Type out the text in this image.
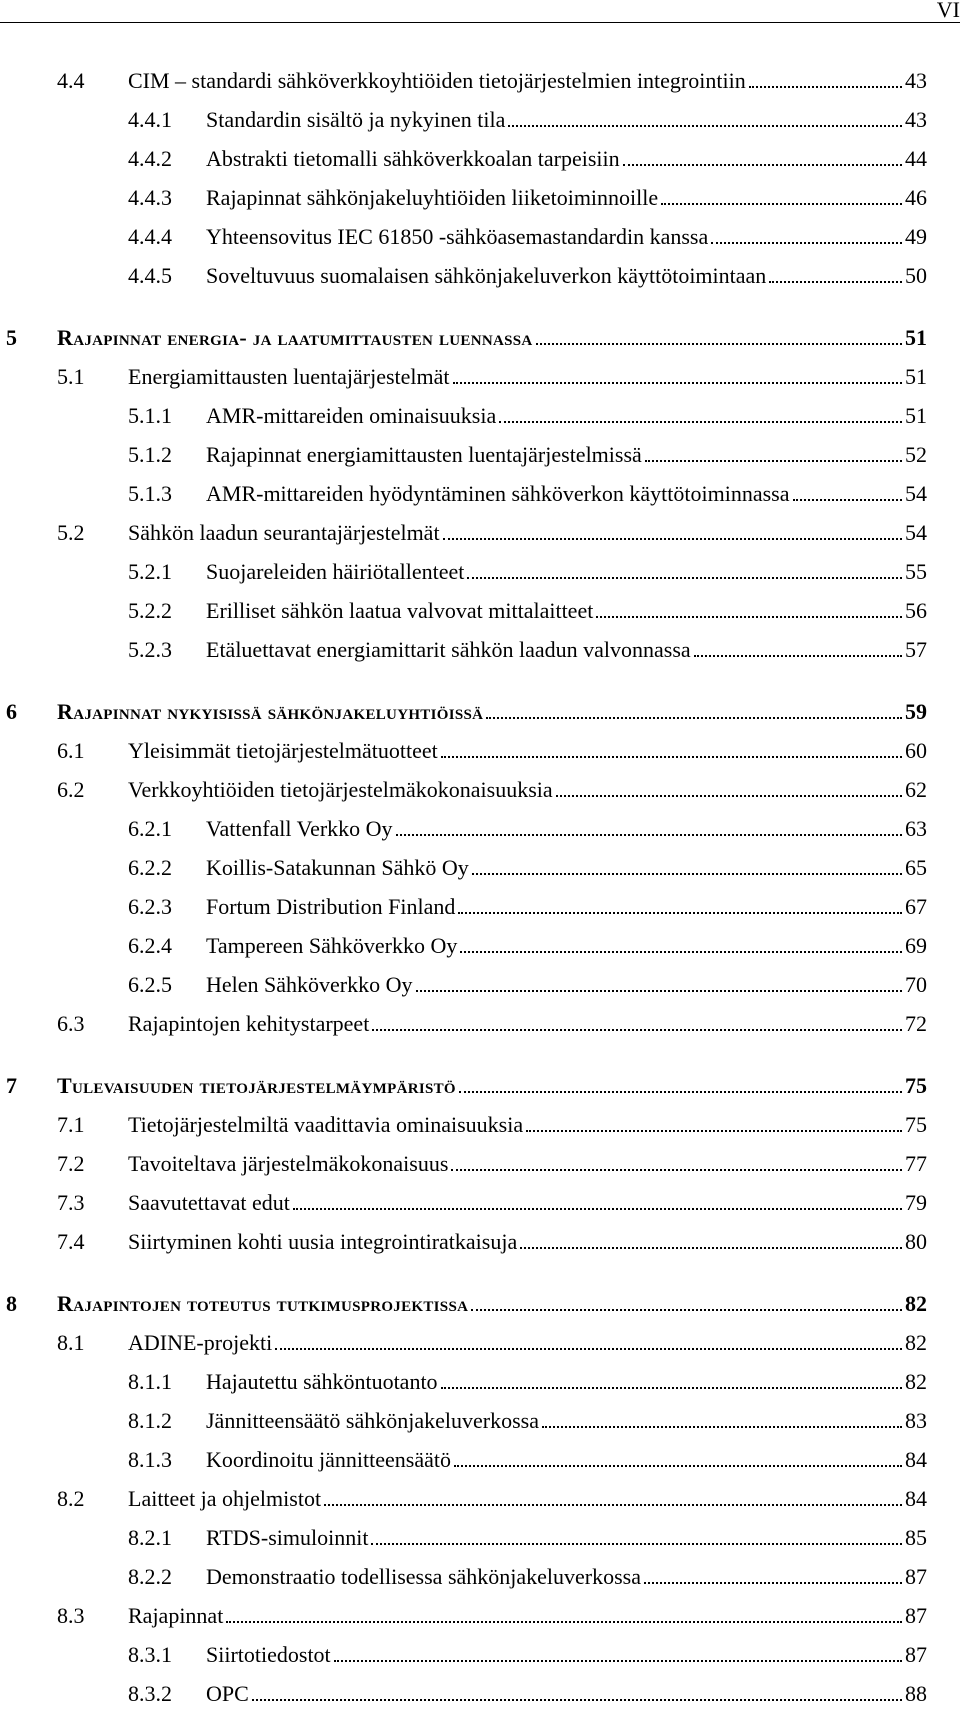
VI
4.4 CIM – standardi sähköverkkoyhtiöiden tietojärjestelmien integrointiin	43
4.4.1 Standardin sisältö ja nykyinen tila	43
4.4.2 Abstrakti tietomalli sähköverkkoalan tarpeisiin	44
4.4.3 Rajapinnat sähkönjakeluyhtiöiden liiketoiminnoille	46
4.4.4 Yhteensovitus IEC 61850 -sähköasemastandardin kanssa	49
4.4.5 Soveltuvuus suomalaisen sähkönjakeluverkon käyttötoimintaan	50
5 Rajapinnat energia- ja laatumittausten luennassa	51
5.1 Energiamittausten luentajärjestelmät	51
5.1.1 AMR-mittareiden ominaisuuksia	51
5.1.2 Rajapinnat energiamittausten luentajärjestelmissä	52
5.1.3 AMR-mittareiden hyödyntäminen sähköverkon käyttötoiminnassa	54
5.2 Sähkön laadun seurantajärjestelmät	54
5.2.1 Suojareleiden häiriötallenteet	55
5.2.2 Erilliset sähkön laatua valvovat mittalaitteet	56
5.2.3 Etäluettavat energiamittarit sähkön laadun valvonnassa	57
6 Rajapinnat nykyisissä sähkönjakeluyhtiöissä	59
6.1 Yleisimmät tietojärjestelmätuotteet	60
6.2 Verkkoyhtiöiden tietojärjestelmäkokonaisuuksia	62
6.2.1 Vattenfall Verkko Oy	63
6.2.2 Koillis-Satakunnan Sähkö Oy	65
6.2.3 Fortum Distribution Finland	67
6.2.4 Tampereen Sähköverkko Oy	69
6.2.5 Helen Sähköverkko Oy	70
6.3 Rajapintojen kehitystarpeet	72
7 Tulevaisuuden tietojärjestelmäympäristö	75
7.1 Tietojärjestelmiltä vaadittavia ominaisuuksia	75
7.2 Tavoiteltava järjestelmäkokonaisuus	77
7.3 Saavutettavat edut	79
7.4 Siirtyminen kohti uusia integrointiratkaisuja	80
8 Rajapintojen toteutus tutkimusprojektissa	82
8.1 ADINE-projekti	82
8.1.1 Hajautettu sähköntuotanto	82
8.1.2 Jännitteensäätö sähkönjakeluverkossa	83
8.1.3 Koordinoitu jännitteensäätö	84
8.2 Laitteet ja ohjelmistot	84
8.2.1 RTDS-simuloinnit	85
8.2.2 Demonstraatio todellisessa sähkönjakeluverkossa	87
8.3 Rajapinnat	87
8.3.1 Siirtotiedostot	87
8.3.2 OPC	88
